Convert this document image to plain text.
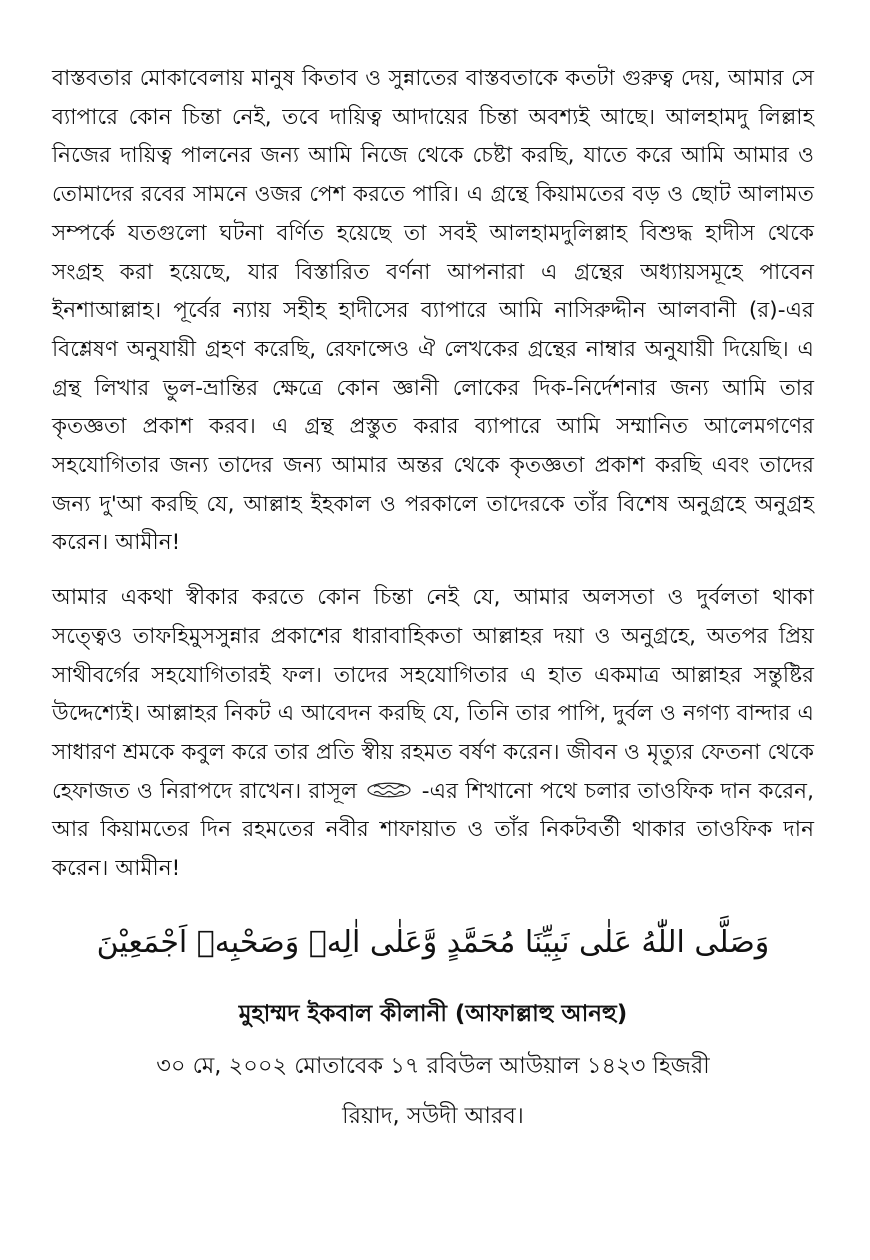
বাস্তবতার মোকাবেলায় মানুষ কিতাব ও সুন্নাতের বাস্তবতাকে কতটা গুরুত্ব দেয়, আমার সে ব্যাপারে কোন চিন্তা নেই, তবে দায়িত্ব আদায়ের চিন্তা অবশ্যই আছে। আলহামদু লিল্লাহ নিজের দায়িত্ব পালনের জন্য আমি নিজে থেকে চেষ্টা করছি, যাতে করে আমি আমার ও তোমাদের রবের সামনে ওজর পেশ করতে পারি। এ গ্রন্থে কিয়ামতের বড় ও ছোট আলামত সম্পর্কে যতগুলো ঘটনা বর্ণিত হয়েছে তা সবই আলহামদুলিল্লাহ বিশুদ্ধ হাদীস থেকে সংগ্রহ করা হয়েছে, যার বিস্তারিত বর্ণনা আপনারা এ গ্রন্থের অধ্যায়সমূহে পাবেন ইনশাআল্লাহ। পূর্বের ন্যায় সহীহ হাদীসের ব্যাপারে আমি নাসিরুদ্দীন আলবানী (র)-এর বিশ্লেষণ অনুযায়ী গ্রহণ করেছি, রেফান্সেও ঐ লেখকের গ্রন্থের নাম্বার অনুযায়ী দিয়েছি। এ গ্রন্থ লিখার ভুল-ভ্রান্তির ক্ষেত্রে কোন জ্ঞানী লোকের দিক-নির্দেশনার জন্য আমি তার কৃতজ্ঞতা প্রকাশ করব। এ গ্রন্থ প্রস্তুত করার ব্যাপারে আমি সম্মানিত আলেমগণের সহযোগিতার জন্য তাদের জন্য আমার অন্তর থেকে কৃতজ্ঞতা প্রকাশ করছি এবং তাদের জন্য দু'আ করছি যে, আল্লাহ ইহকাল ও পরকালে তাদেরকে তাঁর বিশেষ অনুগ্রহে অনুগ্রহ করেন। আমীন!

আমার একথা স্বীকার করতে কোন চিন্তা নেই যে, আমার অলসতা ও দুর্বলতা থাকা সত্ত্বেও তাফহিমুসসুন্নার প্রকাশের ধারাবাহিকতা আল্লাহর দয়া ও অনুগ্রহে, অতপর প্রিয় সাথীবর্গের সহযোগিতারই ফল। তাদের সহযোগিতার এ হাত একমাত্র আল্লাহর সন্তুষ্টির উদ্দেশ্যেই। আল্লাহর নিকট এ আবেদন করছি যে, তিনি তার পাপি, দুর্বল ও নগণ্য বান্দার এ সাধারণ শ্রমকে কবুল করে তার প্রতি স্বীয় রহমত বর্ষণ করেন। জীবন ও মৃত্যুর ফেতনা থেকে হেফাজত ও নিরাপদে রাখেন। রাসূল	-এর শিখানো পথে চলার তাওফিক দান করেন, আর কিয়ামতের দিন রহমতের নবীর শাফায়াত ও তাঁর নিকটবর্তী থাকার তাওফিক দান করেন। আমীন!

وَصَلَّى اللّٰهُ عَلٰى نَبِيِّنَا مُحَمَّدٍ وَّعَلٰى اٰلِهٖ وَصَحْبِهٖ اَجْمَعِيْنَ
মুহাম্মদ ইকবাল কীলানী (আফাল্লাহু আনহু)
৩০ মে, ২০০২ মোতাবেক ১৭ রবিউল আউয়াল ১৪২৩ হিজরী
রিয়াদ, সউদী আরব।
